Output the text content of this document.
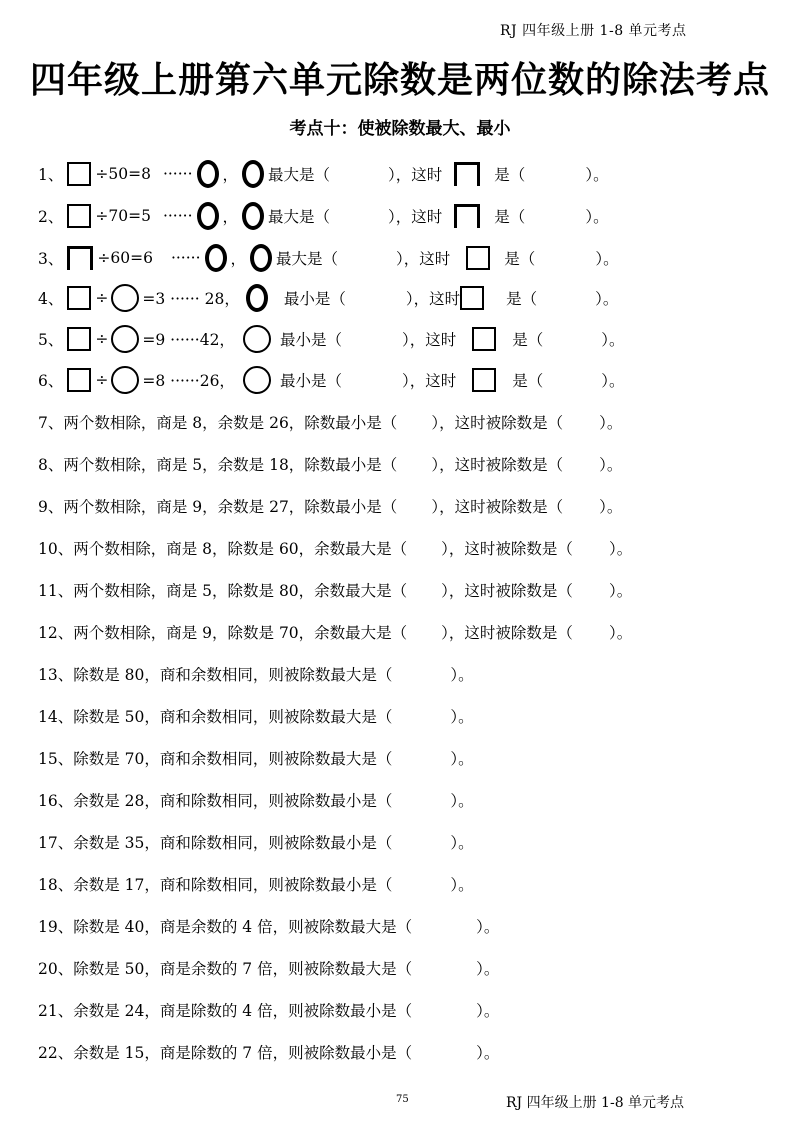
RJ 四年级上册 1-8 单元考点
四年级上册第六单元除数是两位数的除法考点
考点十：使被除数最大、最小
1、 ÷50=8 ······ ， 最大是（	），这时	是（	）。
2、 ÷70=5 ······ ， 最大是（	），这时	是（	）。
3、 ÷60=6 ······ ， 最大是（	），这时	是（	）。
4、 ÷ =3 ······ 28，	最小是（	），这时	是（	）。
5、 ÷ =9 ······42，	最小是（	），这时	是（	）。
6、 ÷ =8 ······26，	最小是（	），这时	是（	）。
7、两个数相除，商是 8，余数是 26，除数最小是（ ），这时被除数是（ ）。
8、两个数相除，商是 5，余数是 18，除数最小是（ ），这时被除数是（ ）。
9、两个数相除，商是 9，余数是 27，除数最小是（ ），这时被除数是（ ）。
10、两个数相除，商是 8，除数是 60，余数最大是（ ），这时被除数是（ ）。
11、两个数相除，商是 5，除数是 80，余数最大是（ ），这时被除数是（ ）。
12、两个数相除，商是 9，除数是 70，余数最大是（ ），这时被除数是（ ）。
13、除数是 80，商和余数相同，则被除数最大是（	）。
14、除数是 50，商和余数相同，则被除数最大是（	）。
15、除数是 70，商和余数相同，则被除数最大是（	）。
16、余数是 28，商和除数相同，则被除数最小是（	）。
17、余数是 35，商和除数相同，则被除数最小是（	）。
18、余数是 17，商和除数相同，则被除数最小是（	）。
19、除数是 40，商是余数的 4 倍，则被除数最大是（	）。
20、除数是 50，商是余数的 7 倍，则被除数最大是（	）。
21、余数是 24，商是除数的 4 倍，则被除数最小是（	）。
22、余数是 15，商是除数的 7 倍，则被除数最小是（	）。
75	RJ 四年级上册 1-8 单元考点
